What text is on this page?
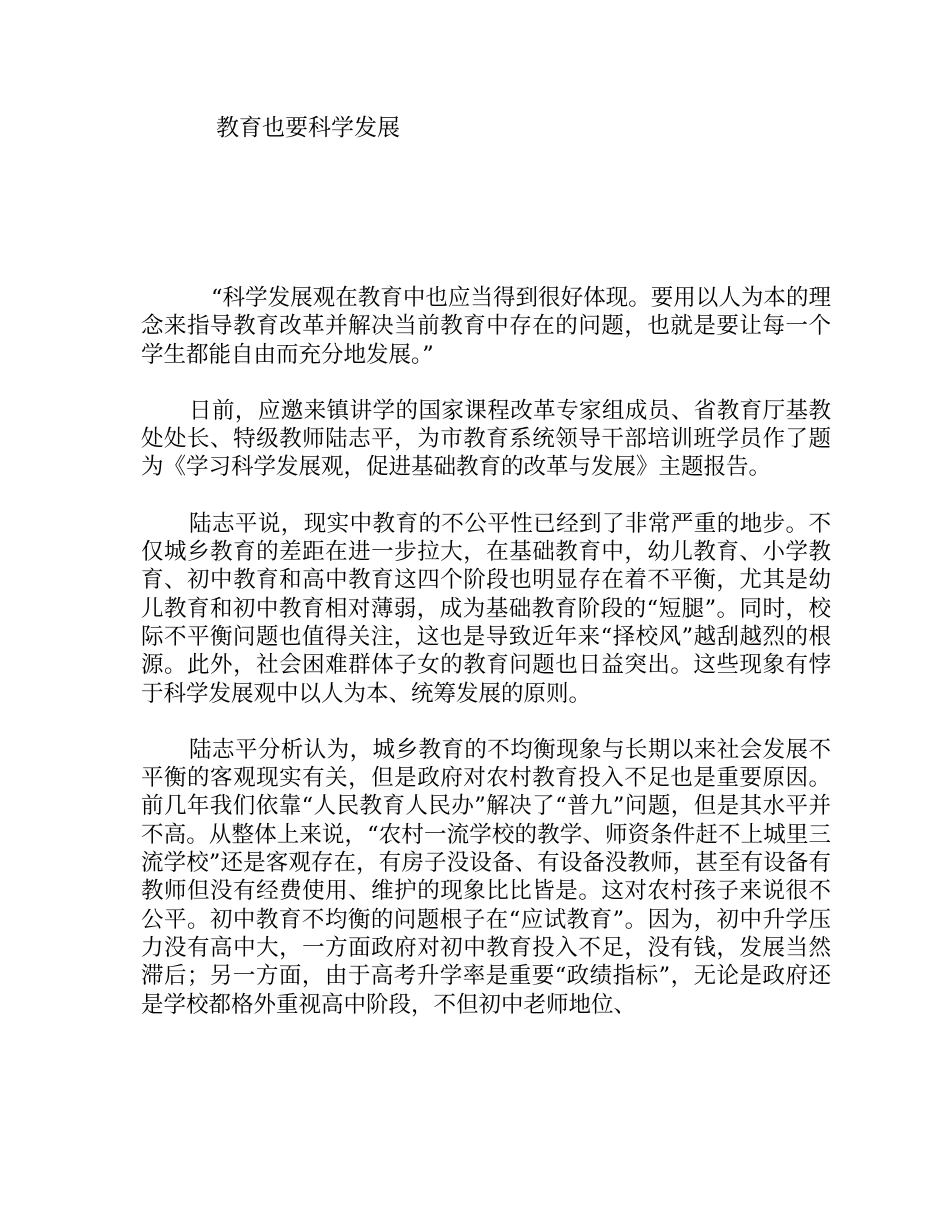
教育也要科学发展

“科学发展观在教育中也应当得到很好体现。要用以人为本的理念来指导教育改革并解决当前教育中存在的问题，也就是要让每一个学生都能自由而充分地发展。”

日前，应邀来镇讲学的国家课程改革专家组成员、省教育厅基教处处长、特级教师陆志平，为市教育系统领导干部培训班学员作了题为《学习科学发展观，促进基础教育的改革与发展》主题报告。

陆志平说，现实中教育的不公平性已经到了非常严重的地步。不仅城乡教育的差距在进一步拉大，在基础教育中，幼儿教育、小学教育、初中教育和高中教育这四个阶段也明显存在着不平衡，尤其是幼儿教育和初中教育相对薄弱，成为基础教育阶段的“短腿”。同时，校际不平衡问题也值得关注，这也是导致近年来“择校风”越刮越烈的根源。此外，社会困难群体子女的教育问题也日益突出。这些现象有悖于科学发展观中以人为本、统筹发展的原则。

陆志平分析认为，城乡教育的不均衡现象与长期以来社会发展不平衡的客观现实有关，但是政府对农村教育投入不足也是重要原因。前几年我们依靠“人民教育人民办”解决了“普九”问题，但是其水平并不高。从整体上来说，“农村一流学校的教学、师资条件赶不上城里三流学校”还是客观存在，有房子没设备、有设备没教师，甚至有设备有教师但没有经费使用、维护的现象比比皆是。这对农村孩子来说很不公平。初中教育不均衡的问题根子在“应试教育”。因为，初中升学压力没有高中大，一方面政府对初中教育投入不足，没有钱，发展当然滞后；另一方面，由于高考升学率是重要“政绩指标”，无论是政府还是学校都格外重视高中阶段，不但初中老师地位、
